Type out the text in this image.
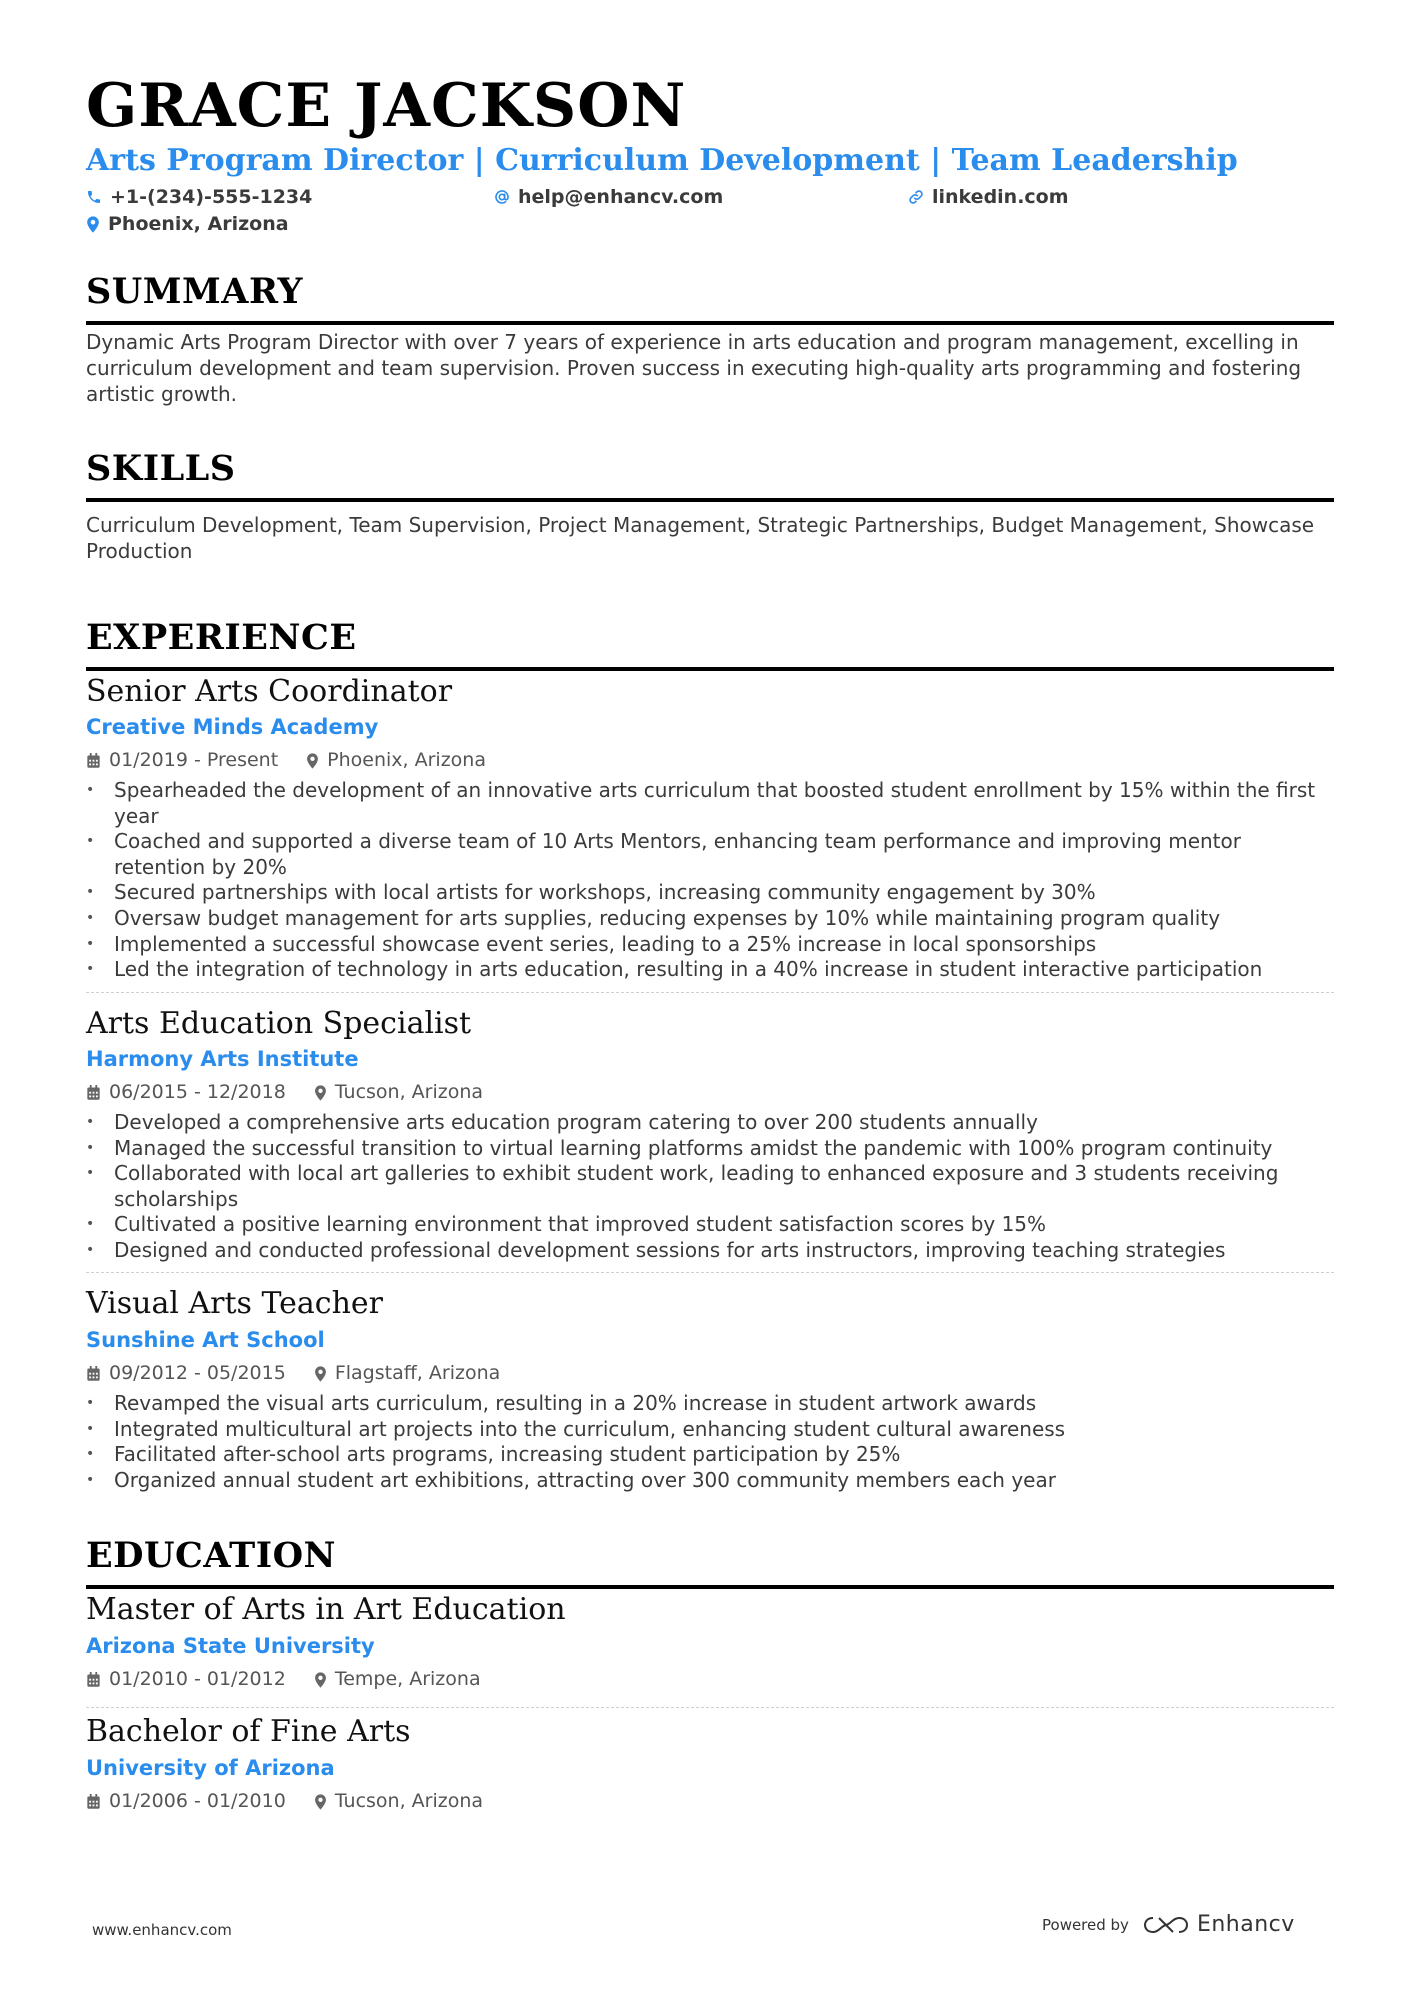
GRACE JACKSON
Arts Program Director | Curriculum Development | Team Leadership
+1-(234)-555-1234	help@enhancv.com	linkedin.com
Phoenix, Arizona
SUMMARY
Dynamic Arts Program Director with over 7 years of experience in arts education and program management, excelling in curriculum development and team supervision. Proven success in executing high-quality arts programming and fostering artistic growth.
SKILLS
Curriculum Development, Team Supervision, Project Management, Strategic Partnerships, Budget Management, Showcase Production
EXPERIENCE
Senior Arts Coordinator
Creative Minds Academy
01/2019 - Present	Phoenix, Arizona
• Spearheaded the development of an innovative arts curriculum that boosted student enrollment by 15% within the first year
• Coached and supported a diverse team of 10 Arts Mentors, enhancing team performance and improving mentor retention by 20%
• Secured partnerships with local artists for workshops, increasing community engagement by 30%
• Oversaw budget management for arts supplies, reducing expenses by 10% while maintaining program quality
• Implemented a successful showcase event series, leading to a 25% increase in local sponsorships
• Led the integration of technology in arts education, resulting in a 40% increase in student interactive participation
Arts Education Specialist
Harmony Arts Institute
06/2015 - 12/2018	Tucson, Arizona
• Developed a comprehensive arts education program catering to over 200 students annually
• Managed the successful transition to virtual learning platforms amidst the pandemic with 100% program continuity
• Collaborated with local art galleries to exhibit student work, leading to enhanced exposure and 3 students receiving scholarships
• Cultivated a positive learning environment that improved student satisfaction scores by 15%
• Designed and conducted professional development sessions for arts instructors, improving teaching strategies
Visual Arts Teacher
Sunshine Art School
09/2012 - 05/2015	Flagstaff, Arizona
• Revamped the visual arts curriculum, resulting in a 20% increase in student artwork awards
• Integrated multicultural art projects into the curriculum, enhancing student cultural awareness
• Facilitated after-school arts programs, increasing student participation by 25%
• Organized annual student art exhibitions, attracting over 300 community members each year
EDUCATION
Master of Arts in Art Education
Arizona State University
01/2010 - 01/2012	Tempe, Arizona
Bachelor of Fine Arts
University of Arizona
01/2006 - 01/2010	Tucson, Arizona
www.enhancv.com	Powered by	Enhancv
